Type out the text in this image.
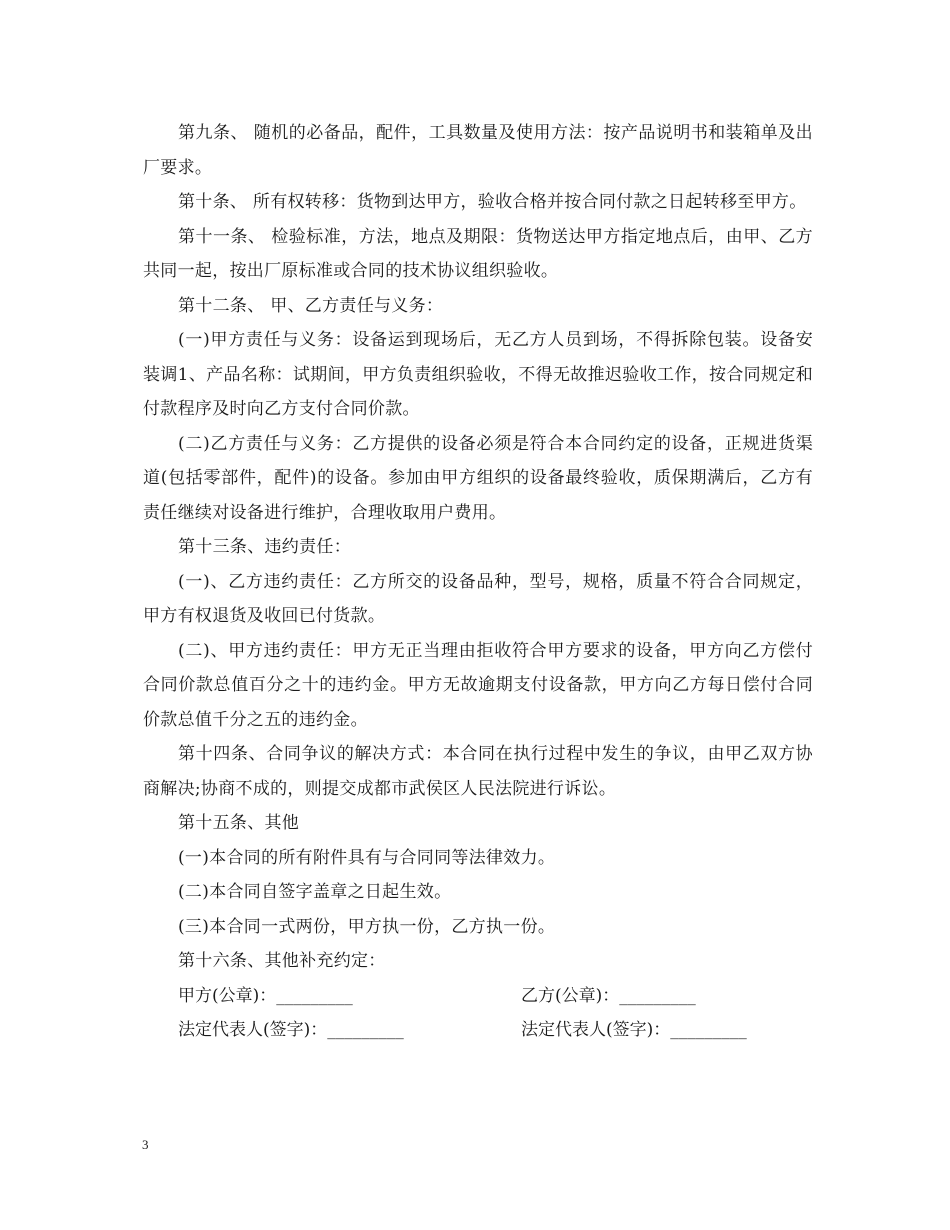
第九条、 随机的必备品，配件，工具数量及使用方法：按产品说明书和装箱单及出厂要求。

第十条、 所有权转移：货物到达甲方，验收合格并按合同付款之日起转移至甲方。

第十一条、 检验标准，方法，地点及期限：货物送达甲方指定地点后，由甲、乙方共同一起，按出厂原标准或合同的技术协议组织验收。

第十二条、 甲、乙方责任与义务：

(一)甲方责任与义务：设备运到现场后，无乙方人员到场，不得拆除包装。设备安装调1、产品名称：试期间，甲方负责组织验收，不得无故推迟验收工作，按合同规定和付款程序及时向乙方支付合同价款。

(二)乙方责任与义务：乙方提供的设备必须是符合本合同约定的设备，正规进货渠道(包括零部件，配件)的设备。参加由甲方组织的设备最终验收，质保期满后，乙方有责任继续对设备进行维护，合理收取用户费用。

第十三条、违约责任：

(一)、乙方违约责任：乙方所交的设备品种，型号，规格，质量不符合合同规定，甲方有权退货及收回已付货款。

(二)、甲方违约责任：甲方无正当理由拒收符合甲方要求的设备，甲方向乙方偿付合同价款总值百分之十的违约金。甲方无故逾期支付设备款，甲方向乙方每日偿付合同价款总值千分之五的违约金。

第十四条、合同争议的解决方式：本合同在执行过程中发生的争议，由甲乙双方协商解决;协商不成的，则提交成都市武侯区人民法院进行诉讼。

第十五条、其他

(一)本合同的所有附件具有与合同同等法律效力。

(二)本合同自签字盖章之日起生效。

(三)本合同一式两份，甲方执一份，乙方执一份。

第十六条、其他补充约定：

甲方(公章)：_________	乙方(公章)：_________
法定代表人(签字)：_________	法定代表人(签字)：_________
3
